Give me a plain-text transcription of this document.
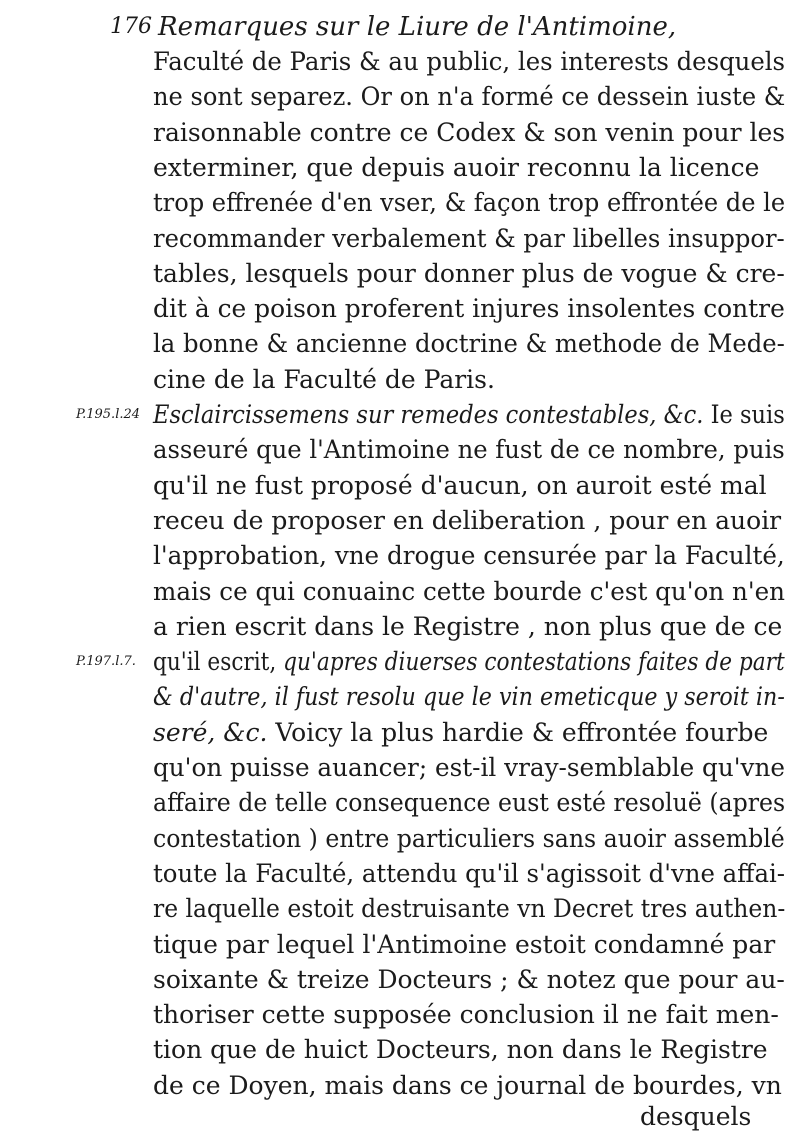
176 Remarques sur le Liure de l'Antimoine,
P.195.l.24
P.197.l.7.
Faculté de Paris & au public, les interests desquels
ne sont separez. Or on n'a formé ce dessein iuste &
raisonnable contre ce Codex & son venin pour les
exterminer, que depuis auoir reconnu la licence
trop effrenée d'en vser, & façon trop effrontée de le
recommander verbalement & par libelles insuppor-
tables, lesquels pour donner plus de vogue & cre-
dit à ce poison proferent injures insolentes contre
la bonne & ancienne doctrine & methode de Mede-
cine de la Faculté de Paris.
Esclaircissemens sur remedes contestables, &c. Ie suis
asseuré que l'Antimoine ne fust de ce nombre, puis
qu'il ne fust proposé d'aucun, on auroit esté mal
receu de proposer en deliberation , pour en auoir
l'approbation, vne drogue censurée par la Faculté,
mais ce qui conuainc cette bourde c'est qu'on n'en
a rien escrit dans le Registre , non plus que de ce
qu'il escrit, qu'apres diuerses contestations faites de part
& d'autre, il fust resolu que le vin emeticque y seroit in-
seré, &c. Voicy la plus hardie & effrontée fourbe
qu'on puisse auancer; est-il vray-semblable qu'vne
affaire de telle consequence eust esté resoluë (apres
contestation ) entre particuliers sans auoir assemblé
toute la Faculté, attendu qu'il s'agissoit d'vne affai-
re laquelle estoit destruisante vn Decret tres authen-
tique par lequel l'Antimoine estoit condamné par
soixante & treize Docteurs ; & notez que pour au-
thoriser cette supposée conclusion il ne fait men-
tion que de huict Docteurs, non dans le Registre
de ce Doyen, mais dans ce journal de bourdes, vn
desquels
